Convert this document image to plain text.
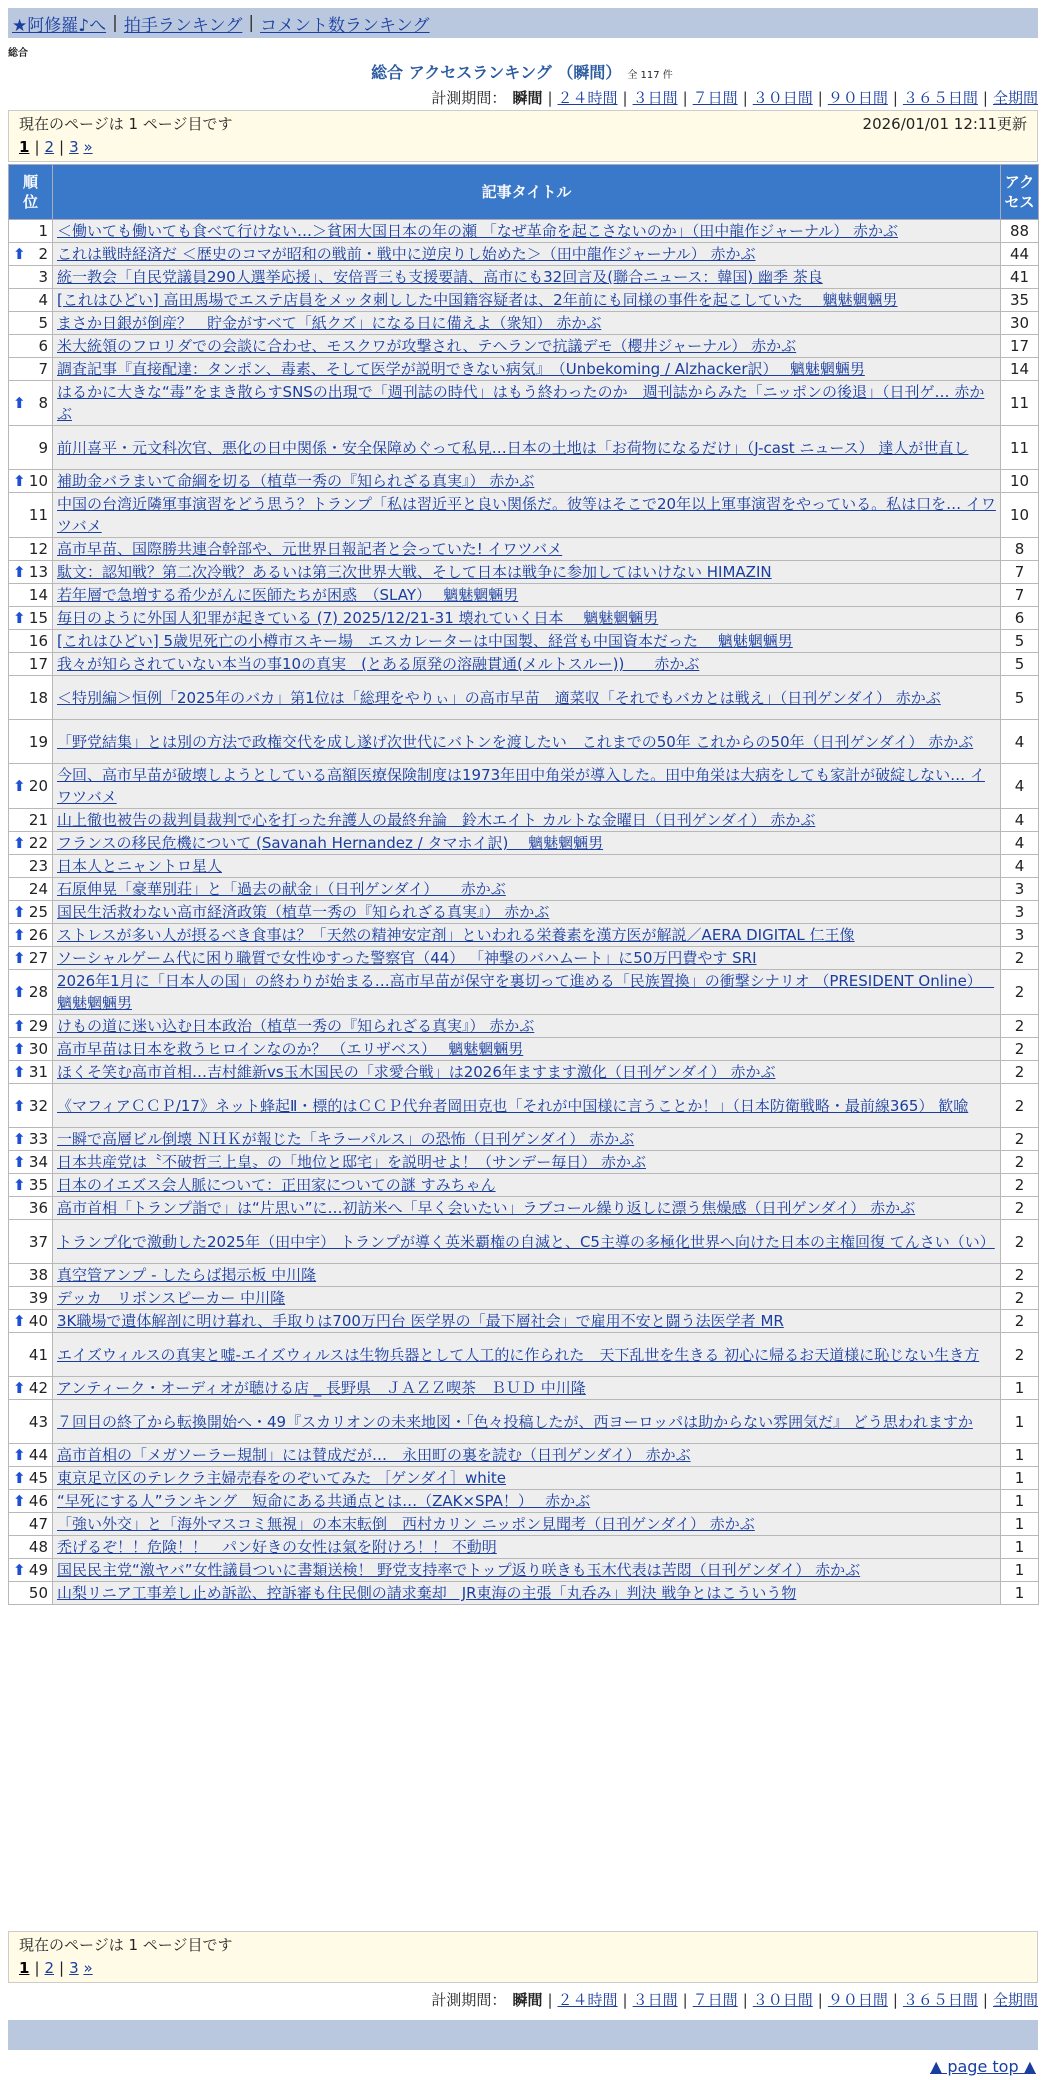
★阿修羅♪へ | 拍手ランキング | コメント数ランキング
総合
総合 アクセスランキング （瞬間） 全 117 件
計測期間： 瞬間 | ２４時間 | ３日間 | ７日間 | ３０日間 | ９０日間 | ３６５日間 | 全期間
現在のページは 1 ページ目です	2026/01/01 12:11更新
1 | 2 | 3 »
順位	記事タイトル	アクセス
1	＜働いても働いても食べて行けない…＞貧困大国日本の年の瀬 「なぜ革命を起こさないのか」（田中龍作ジャーナル） 赤かぶ	88

⬆ 2	これは戦時経済だ ＜歴史のコマが昭和の戦前・戦中に逆戻りし始めた＞（田中龍作ジャーナル） 赤かぶ	44
3	統一教会「自民党議員290人選挙応援」、安倍晋三も支援要請、高市にも32回言及(聯合ニュース：韓国) 幽季 茶良	41
4	[これはひどい] 高田馬場でエステ店員をメッタ刺しした中国籍容疑者は、2年前にも同様の事件を起こしていた　 魑魅魍魎男	35
5	まさか日銀が倒産？　貯金がすべて「紙クズ」になる日に備えよ（衆知） 赤かぶ	30
6	米大統領のフロリダでの会談に合わせ、モスクワが攻撃され、テヘランで抗議デモ（櫻井ジャーナル） 赤かぶ	17
7	調査記事『直接配達：タンポン、毒素、そして医学が説明できない病気』　（Unbekoming / Alzhacker訳）　 魑魅魍魎男	14

⬆ 8	はるかに大きな“毒”をまき散らすSNSの出現で「週刊誌の時代」はもう終わったのか　週刊誌からみた「ニッポンの後退」（日刊ゲ… 赤かぶ	11
9	前川喜平・元文科次官、悪化の日中関係・安全保障めぐって私見…日本の土地は「お荷物になるだけ」（J-cast ニュース） 達人が世直し	11

⬆ 10	補助金バラまいて命綱を切る（植草一秀の『知られざる真実』） 赤かぶ	10
11	中国の台湾近隣軍事演習をどう思う？トランプ「私は習近平と良い関係だ。彼等はそこで20年以上軍事演習をやっている。私は口を… イワツバメ	10
12	高市早苗、国際勝共連合幹部や、元世界日報記者と会っていた! イワツバメ	8

⬆ 13	駄文：認知戦？第二次冷戦？あるいは第三次世界大戦、そして日本は戦争に参加してはいけない HIMAZIN	7
14	若年層で急増する希少がんに医師たちが困惑　（SLAY）　 魑魅魍魎男	7

⬆ 15	毎日のように外国人犯罪が起きている (7) 2025/12/21-31 壊れていく日本　 魑魅魍魎男	6
16	[これはひどい] 5歳児死亡の小樽市スキー場　エスカレーターは中国製、経営も中国資本だった　 魑魅魍魎男	5
17	我々が知らされていない本当の事10の真実　(とある原発の溶融貫通(メルトスルー))　　赤かぶ	5
18	＜特別編＞恒例「2025年のバカ」第1位は「総理をやりぃ」の高市早苗　適菜収「それでもバカとは戦え」（日刊ゲンダイ） 赤かぶ	5
19	「野党結集」とは別の方法で政権交代を成し遂げ次世代にバトンを渡したい　これまでの50年 これからの50年（日刊ゲンダイ） 赤かぶ	4

⬆ 20	今回、高市早苗が破壊しようとしている高額医療保険制度は1973年田中角栄が導入した。田中角栄は大病をしても家計が破綻しない… イワツバメ	4
21	山上徹也被告の裁判員裁判で心を打った弁護人の最終弁論　鈴木エイト カルトな金曜日（日刊ゲンダイ） 赤かぶ	4

⬆ 22	フランスの移民危機について (Savanah Hernandez / タマホイ訳)　 魑魅魍魎男	4
23	日本人とニャントロ星人	4
24	石原伸晃「豪華別荘」と「過去の献金」（日刊ゲンダイ）　　赤かぶ	3

⬆ 25	国民生活救わない高市経済政策（植草一秀の『知られざる真実』） 赤かぶ	3

⬆ 26	ストレスが多い人が摂るべき食事は？「天然の精神安定剤」といわれる栄養素を漢方医が解説／AERA DIGITAL 仁王像	3

⬆ 27	ソーシャルゲーム代に困り職質で女性ゆすった警察官（44） 「神撃のバハムート」に50万円費やす SRI	2

⬆ 28	2026年1月に「日本人の国」の終わりが始まる…高市早苗が保守を裏切って進める「民族置換」の衝撃シナリオ （PRESIDENT Online）　 魑魅魍魎男	2

⬆ 29	けもの道に迷い込む日本政治（植草一秀の『知られざる真実』） 赤かぶ	2

⬆ 30	高市早苗は日本を救うヒロインなのか？ （エリザベス）　 魑魅魍魎男	2

⬆ 31	ほくそ笑む高市首相…吉村維新vs玉木国民の「求愛合戦」は2026年ますます激化（日刊ゲンダイ） 赤かぶ	2

⬆ 32	《マフィアＣＣＰ/17》ネット蜂起Ⅱ・標的はＣＣＰ代弁者岡田克也「それが中国様に言うことか！」（日本防衛戦略・最前線365） 歓喩	2

⬆ 33	一瞬で高層ビル倒壊 ＮＨＫが報じた「キラーパルス」の恐怖（日刊ゲンダイ） 赤かぶ	2

⬆ 34	日本共産党は〝不破哲三上皇〟の「地位と邸宅」を説明せよ！（サンデー毎日） 赤かぶ	2

⬆ 35	日本のイエズス会人脈について：正田家についての謎 すみちゃん	2
36	高市首相「トランプ詣で」は“片思い”に…初訪米へ「早く会いたい」ラブコール繰り返しに漂う焦燥感（日刊ゲンダイ） 赤かぶ	2
37	トランプ化で激動した2025年（田中宇） トランプが導く英米覇権の自滅と、C5主導の多極化世界へ向けた日本の主権回復 てんさい（い）	2
38	真空管アンプ - したらば掲示板 中川隆	2
39	デッカ　リボンスピーカー 中川隆	2

⬆ 40	3K職場で遺体解剖に明け暮れ、手取りは700万円台 医学界の「最下層社会」で雇用不安と闘う法医学者 MR	2
41	エイズウィルスの真実と嘘-エイズウィルスは生物兵器として人工的に作られた　天下乱世を生きる 初心に帰るお天道様に恥じない生き方	2

⬆ 42	アンティーク・オーディオが聴ける店 _ 長野県　ＪＡＺＺ喫茶　ＢＵＤ 中川隆	1
43	７回目の終了から転換開始へ・49『スカリオンの未来地図・「色々投稿したが、西ヨーロッパは助からない雰囲気だ』 どう思われますか	1

⬆ 44	高市首相の「メガソーラー規制」には賛成だが…　永田町の裏を読む（日刊ゲンダイ） 赤かぶ	1

⬆ 45	東京足立区のテレクラ主婦売春をのぞいてみた ［ゲンダイ］white	1

⬆ 46	“早死にする人”ランキング　短命にある共通点とは…（ZAK×SPA！）　 赤かぶ	1
47	「強い外交」と「海外マスコミ無視」の本末転倒　西村カリン ニッポン見聞考（日刊ゲンダイ） 赤かぶ	1
48	禿げるぞ！！危険！！　パン好きの女性は氣を附けろ！！ 不動明	1

⬆ 49	国民民主党“激ヤバ”女性議員ついに書類送検！ 野党支持率でトップ返り咲きも玉木代表は苦悶（日刊ゲンダイ） 赤かぶ	1
50	山梨リニア工事差し止め訴訟、控訴審も住民側の請求棄却　JR東海の主張「丸呑み」判決 戦争とはこういう物	1
現在のページは 1 ページ目です
1 | 2 | 3 »
計測期間： 瞬間 | ２４時間 | ３日間 | ７日間 | ３０日間 | ９０日間 | ３６５日間 | 全期間
▲ page top ▲
